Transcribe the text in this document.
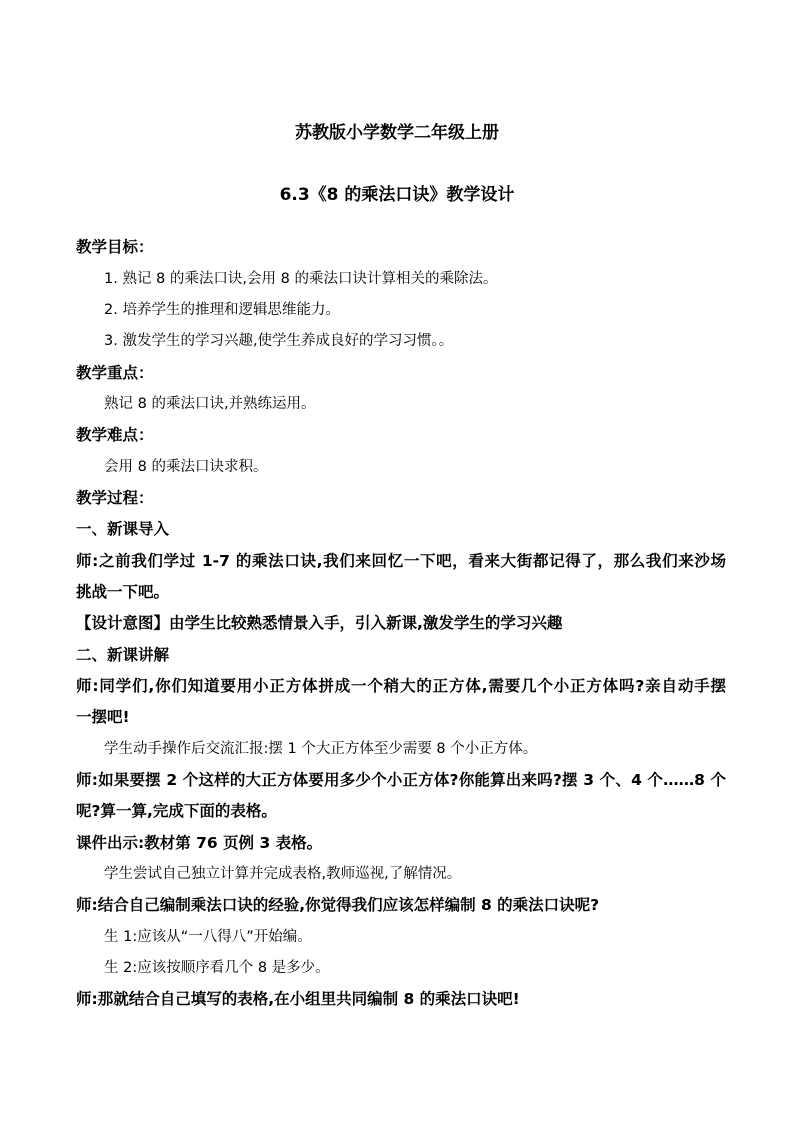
苏教版小学数学二年级上册
6.3《8 的乘法口诀》教学设计
教学目标：
1. 熟记 8 的乘法口诀,会用 8 的乘法口诀计算相关的乘除法。
2. 培养学生的推理和逻辑思维能力。
3. 激发学生的学习兴趣,使学生养成良好的学习习惯。。
教学重点：
熟记 8 的乘法口诀,并熟练运用。
教学难点：
会用 8 的乘法口诀求积。
教学过程：
一、新课导入
师:之前我们学过 1-7 的乘法口诀,我们来回忆一下吧，看来大街都记得了，那么我们来沙场
挑战一下吧。
【设计意图】由学生比较熟悉情景入手，引入新课,激发学生的学习兴趣
二、新课讲解
师:同学们,你们知道要用小正方体拼成一个稍大的正方体,需要几个小正方体吗?亲自动手摆
一摆吧!
学生动手操作后交流汇报:摆 1 个大正方体至少需要 8 个小正方体。
师:如果要摆 2 个这样的大正方体要用多少个小正方体?你能算出来吗?摆 3 个、4 个……8 个
呢?算一算,完成下面的表格。
课件出示:教材第 76 页例 3 表格。
学生尝试自己独立计算并完成表格,教师巡视,了解情况。
师:结合自己编制乘法口诀的经验,你觉得我们应该怎样编制 8 的乘法口诀呢?
生 1:应该从“一八得八”开始编。
生 2:应该按顺序看几个 8 是多少。
师:那就结合自己填写的表格,在小组里共同编制 8 的乘法口诀吧!
